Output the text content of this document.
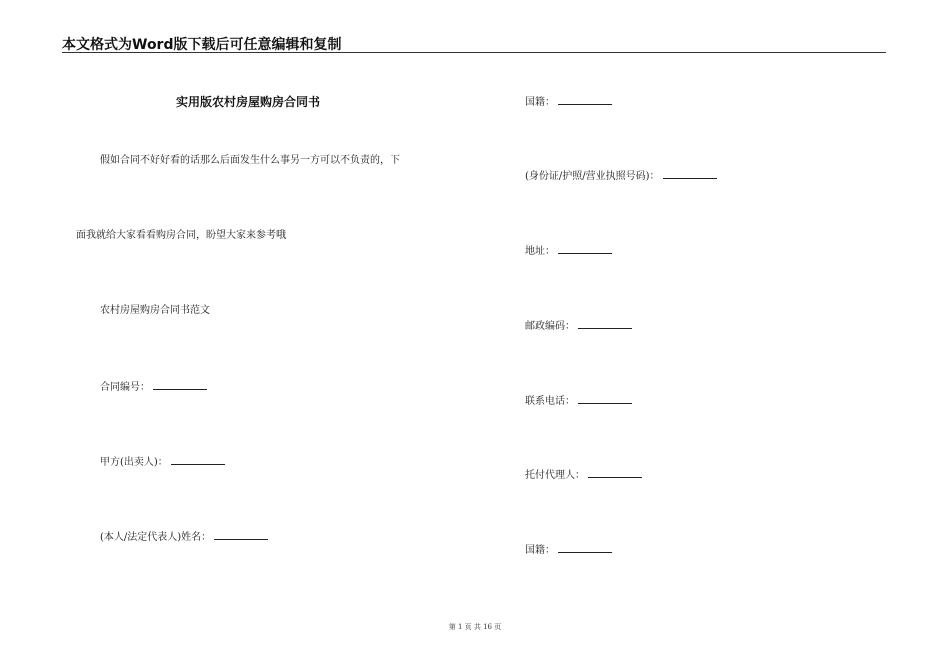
本文格式为Word版下载后可任意编辑和复制
实用版农村房屋购房合同书
假如合同不好好看的话那么后面发生什么事另一方可以不负责的，下
面我就给大家看看购房合同，盼望大家来参考哦
农村房屋购房合同书范文
合同编号：
甲方(出卖人)：
(本人/法定代表人)姓名：
国籍：
(身份证/护照/营业执照号码)：
地址：
邮政编码：
联系电话：
托付代理人：
国籍：
第 1 页 共 16 页
